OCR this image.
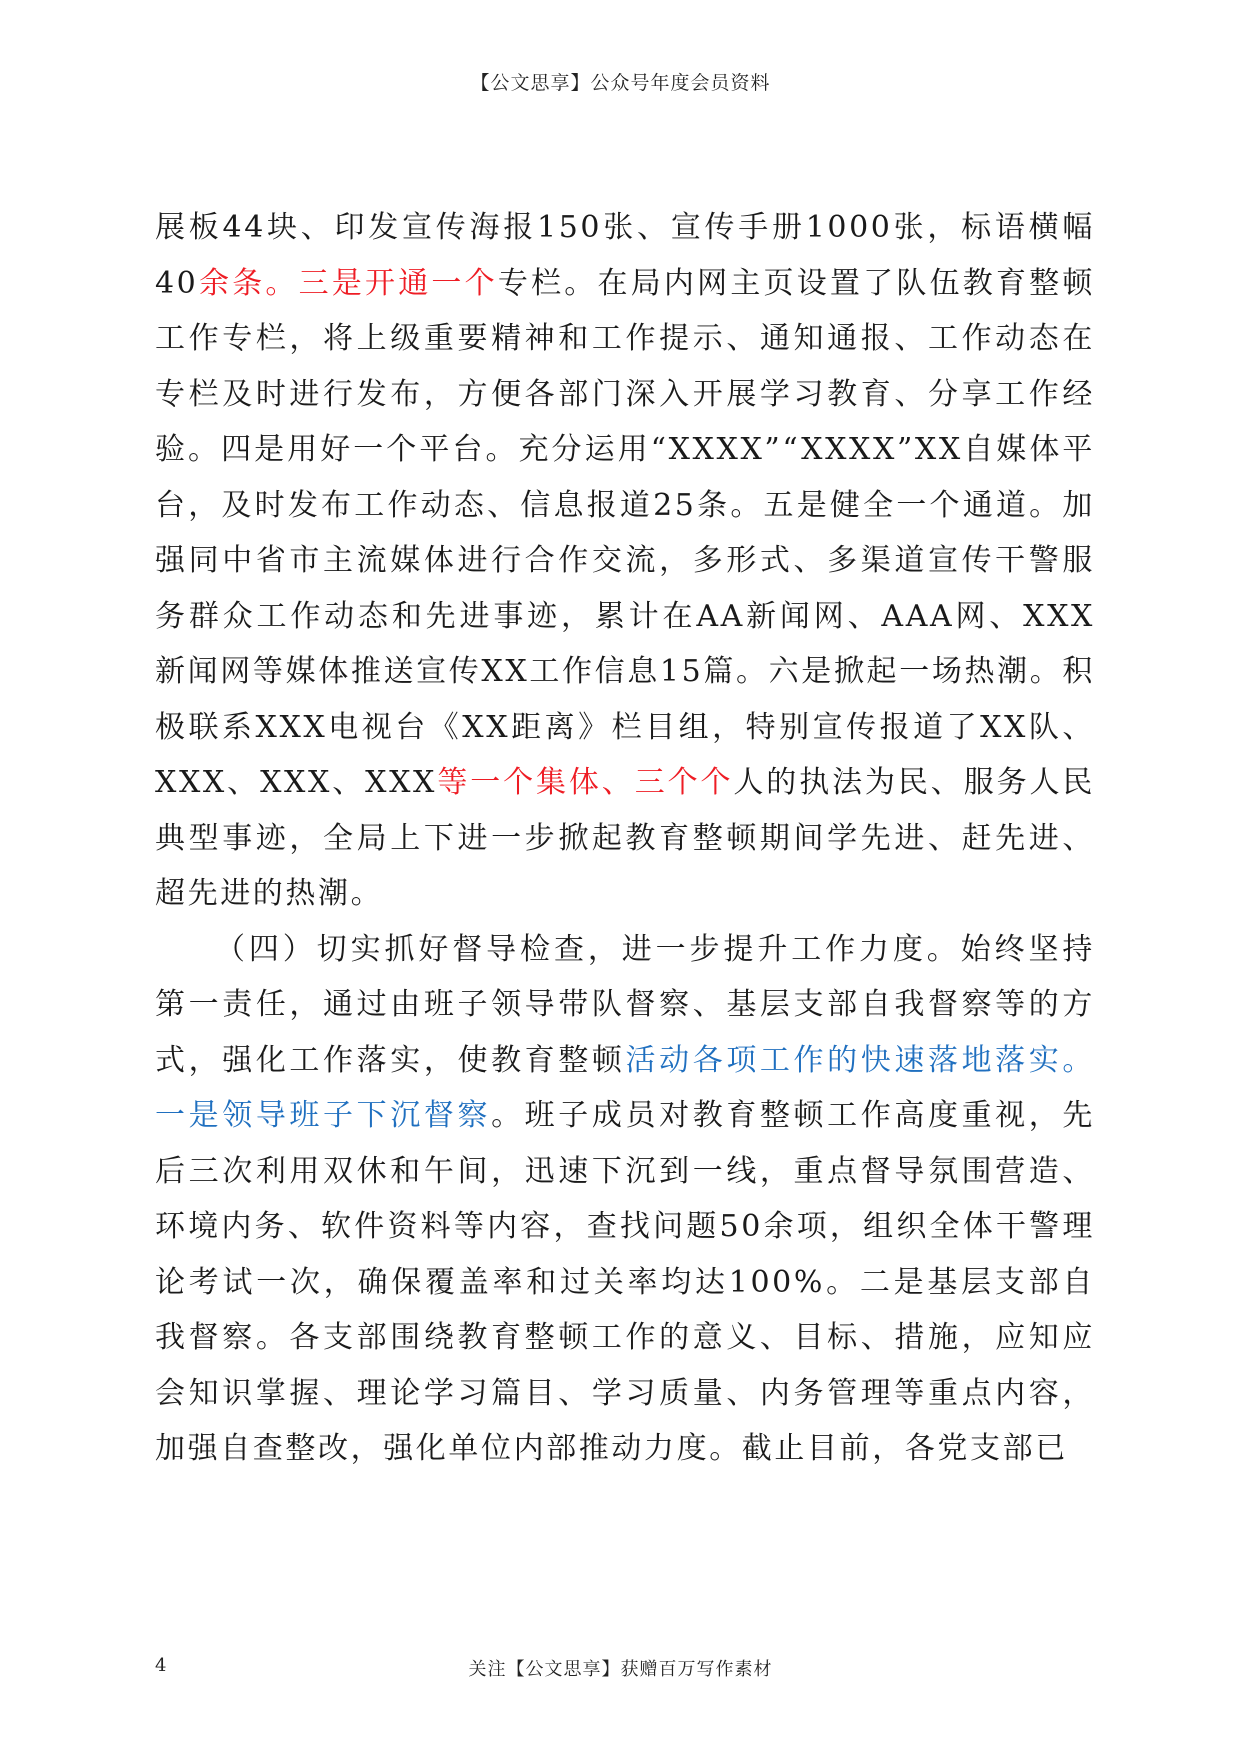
【公文思享】公众号年度会员资料

展板44块、印发宣传海报150张、宣传手册1000张，标语横幅40余条。三是开通一个专栏。在局内网主页设置了队伍教育整顿工作专栏，将上级重要精神和工作提示、通知通报、工作动态在专栏及时进行发布，方便各部门深入开展学习教育、分享工作经验。四是用好一个平台。充分运用“XXXX”“XXXX”XX自媒体平台，及时发布工作动态、信息报道25条。五是健全一个通道。加强同中省市主流媒体进行合作交流，多形式、多渠道宣传干警服务群众工作动态和先进事迹，累计在AA新闻网、AAA网、XXX新闻网等媒体推送宣传XX工作信息15篇。六是掀起一场热潮。积极联系XXX电视台《XX距离》栏目组，特别宣传报道了XX队、XXX、XXX、XXX等一个集体、三个个人的执法为民、服务人民典型事迹，全局上下进一步掀起教育整顿期间学先进、赶先进、超先进的热潮。

（四）切实抓好督导检查，进一步提升工作力度。始终坚持第一责任，通过由班子领导带队督察、基层支部自我督察等的方式，强化工作落实，使教育整顿活动各项工作的快速落地落实。一是领导班子下沉督察。班子成员对教育整顿工作高度重视，先后三次利用双休和午间，迅速下沉到一线，重点督导氛围营造、环境内务、软件资料等内容，查找问题50余项，组织全体干警理论考试一次，确保覆盖率和过关率均达100%。二是基层支部自我督察。各支部围绕教育整顿工作的意义、目标、措施，应知应会知识掌握、理论学习篇目、学习质量、内务管理等重点内容，加强自查整改，强化单位内部推动力度。截止目前，各党支部已

4	关注【公文思享】获赠百万写作素材
